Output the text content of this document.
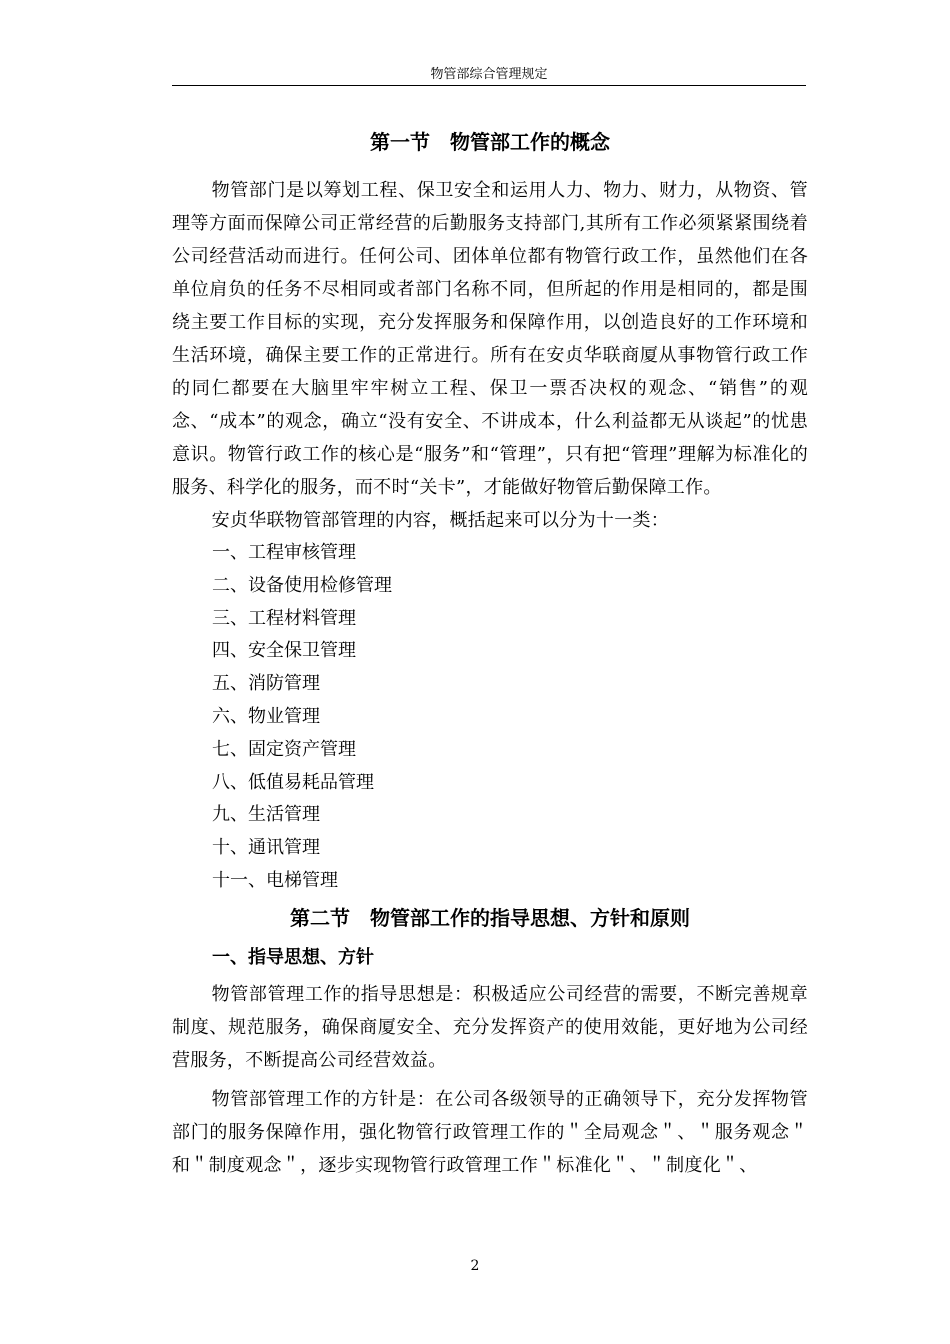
物管部综合管理规定
第一节　物管部工作的概念

物管部门是以筹划工程、保卫安全和运用人力、物力、财力，从物资、管理等方面而保障公司正常经营的后勤服务支持部门,其所有工作必须紧紧围绕着公司经营活动而进行。任何公司、团体单位都有物管行政工作，虽然他们在各单位肩负的任务不尽相同或者部门名称不同，但所起的作用是相同的，都是围绕主要工作目标的实现，充分发挥服务和保障作用，以创造良好的工作环境和生活环境，确保主要工作的正常进行。所有在安贞华联商厦从事物管行政工作的同仁都要在大脑里牢牢树立工程、保卫一票否决权的观念、“销售”的观念、“成本”的观念，确立“没有安全、不讲成本，什么利益都无从谈起”的忧患意识。物管行政工作的核心是“服务”和“管理”，只有把“管理”理解为标准化的服务、科学化的服务，而不时“关卡”，才能做好物管后勤保障工作。

安贞华联物管部管理的内容，概括起来可以分为十一类：

一、工程审核管理
二、设备使用检修管理
三、工程材料管理
四、安全保卫管理
五、消防管理
六、物业管理
七、固定资产管理
八、低值易耗品管理
九、生活管理
十、通讯管理
十一、电梯管理
第二节　物管部工作的指导思想、方针和原则
一、指导思想、方针

物管部管理工作的指导思想是：积极适应公司经营的需要，不断完善规章制度、规范服务，确保商厦安全、充分发挥资产的使用效能，更好地为公司经营服务，不断提高公司经营效益。

物管部管理工作的方针是：在公司各级领导的正确领导下，充分发挥物管部门的服务保障作用，强化物管行政管理工作的＂全局观念＂、＂服务观念＂和＂制度观念＂，逐步实现物管行政管理工作＂标准化＂、＂制度化＂、

2
